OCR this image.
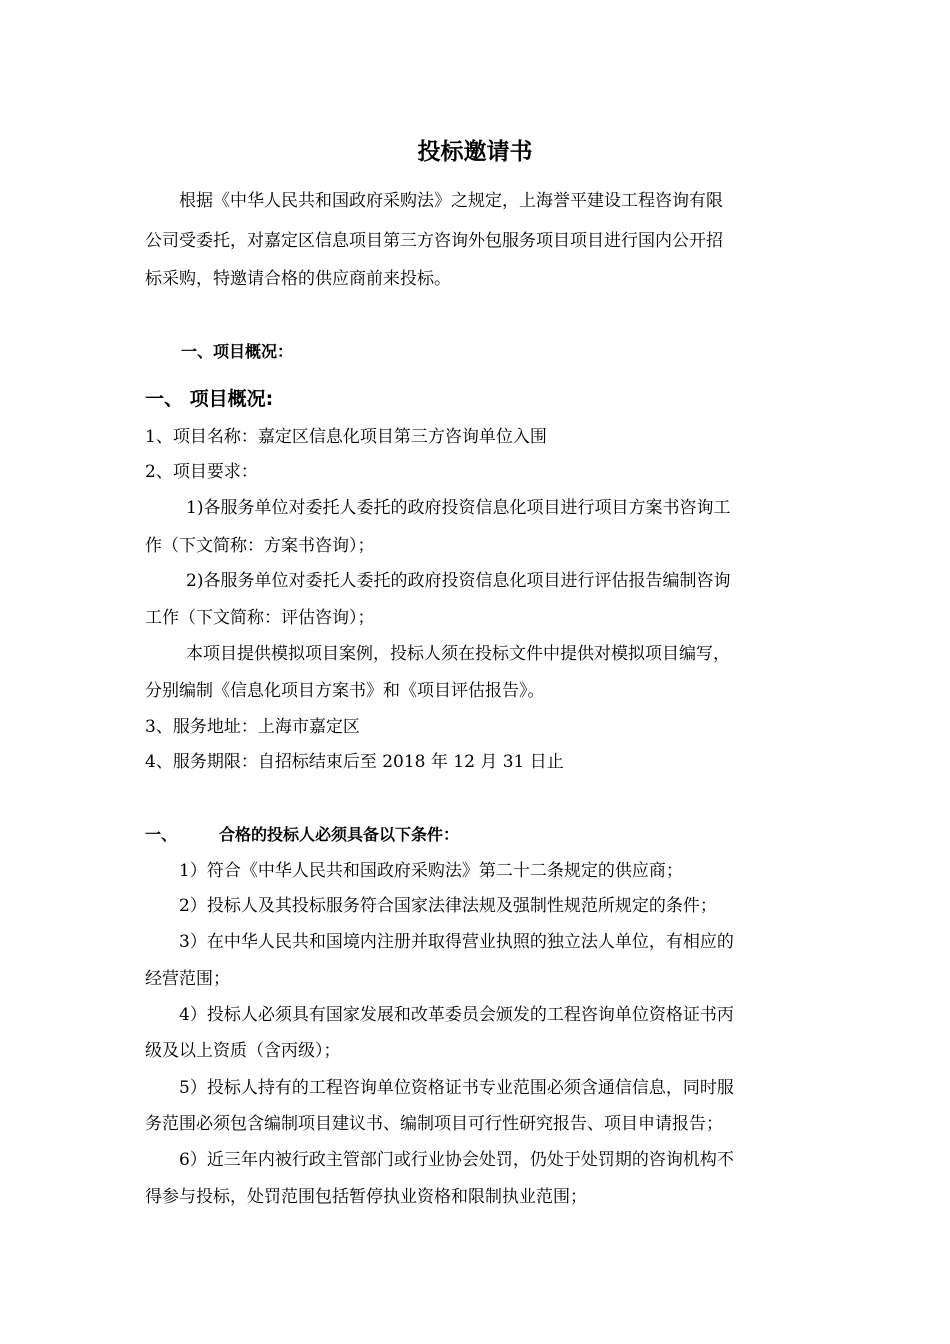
投标邀请书
根据《中华人民共和国政府采购法》之规定，上海誉平建设工程咨询有限
公司受委托，对嘉定区信息项目第三方咨询外包服务项目项目进行国内公开招
标采购，特邀请合格的供应商前来投标。
一、项目概况：
一、 项目概况:
1、项目名称：嘉定区信息化项目第三方咨询单位入围
2、项目要求：
1)各服务单位对委托人委托的政府投资信息化项目进行项目方案书咨询工
作（下文简称：方案书咨询）；
2)各服务单位对委托人委托的政府投资信息化项目进行评估报告编制咨询
工作（下文简称：评估咨询）；
本项目提供模拟项目案例，投标人须在投标文件中提供对模拟项目编写，
分别编制《信息化项目方案书》和《项目评估报告》。
3、服务地址：上海市嘉定区
4、服务期限：自招标结束后至 2018 年 12 月 31 日止
一、	合格的投标人必须具备以下条件：
1）符合《中华人民共和国政府采购法》第二十二条规定的供应商；
2）投标人及其投标服务符合国家法律法规及强制性规范所规定的条件；
3）在中华人民共和国境内注册并取得营业执照的独立法人单位，有相应的
经营范围；
4）投标人必须具有国家发展和改革委员会颁发的工程咨询单位资格证书丙
级及以上资质（含丙级）；
5）投标人持有的工程咨询单位资格证书专业范围必须含通信信息，同时服
务范围必须包含编制项目建议书、编制项目可行性研究报告、项目申请报告；
6）近三年内被行政主管部门或行业协会处罚，仍处于处罚期的咨询机构不
得参与投标，处罚范围包括暂停执业资格和限制执业范围；
